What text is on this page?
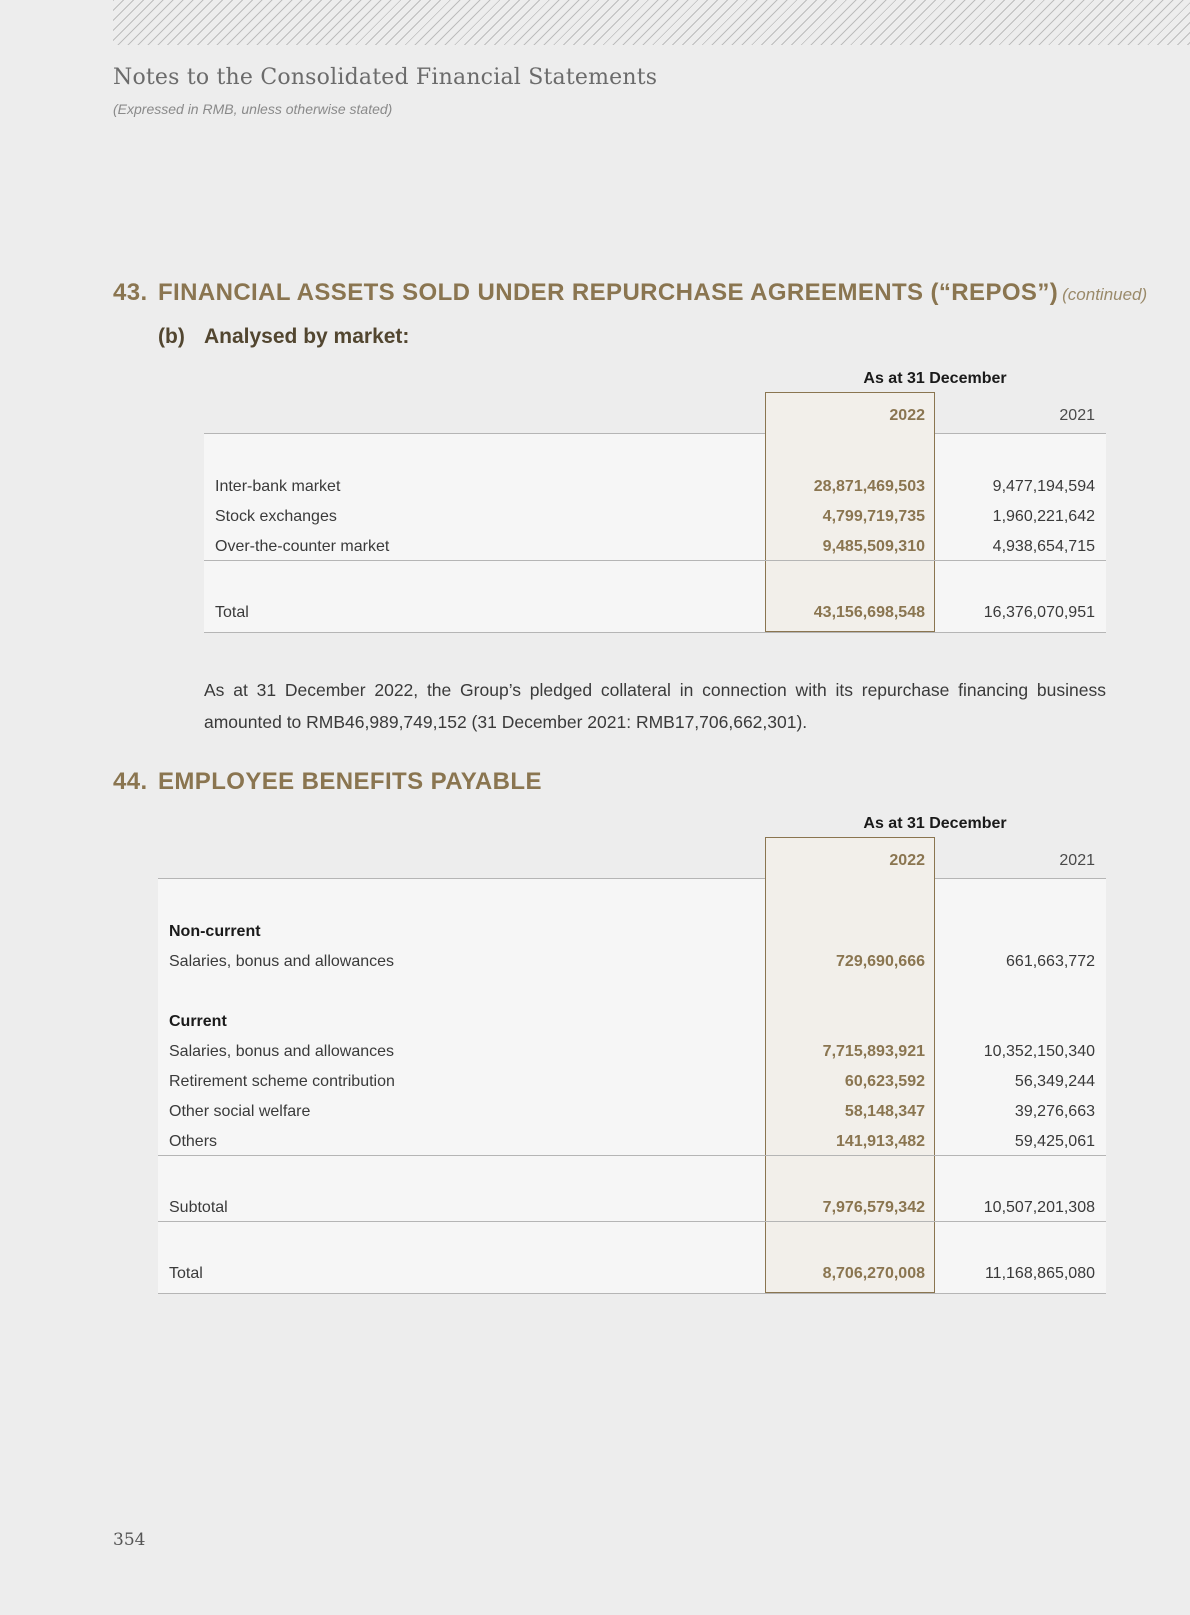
Notes to the Consolidated Financial Statements
(Expressed in RMB, unless otherwise stated)
43. FINANCIAL ASSETS SOLD UNDER REPURCHASE AGREEMENTS (“REPOS”) (continued)
(b) Analysed by market:
As at 31 December
2022	2021
Inter-bank market	28,871,469,503	9,477,194,594
Stock exchanges	4,799,719,735	1,960,221,642
Over-the-counter market	9,485,509,310	4,938,654,715
Total	43,156,698,548	16,376,070,951
As at 31 December 2022, the Group’s pledged collateral in connection with its repurchase financing business amounted to RMB46,989,749,152 (31 December 2021: RMB17,706,662,301).
44. EMPLOYEE BENEFITS PAYABLE
As at 31 December
2022	2021
Non-current
Salaries, bonus and allowances	729,690,666	661,663,772
Current
Salaries, bonus and allowances	7,715,893,921	10,352,150,340
Retirement scheme contribution	60,623,592	56,349,244
Other social welfare	58,148,347	39,276,663
Others	141,913,482	59,425,061
Subtotal	7,976,579,342	10,507,201,308
Total	8,706,270,008	11,168,865,080
354
